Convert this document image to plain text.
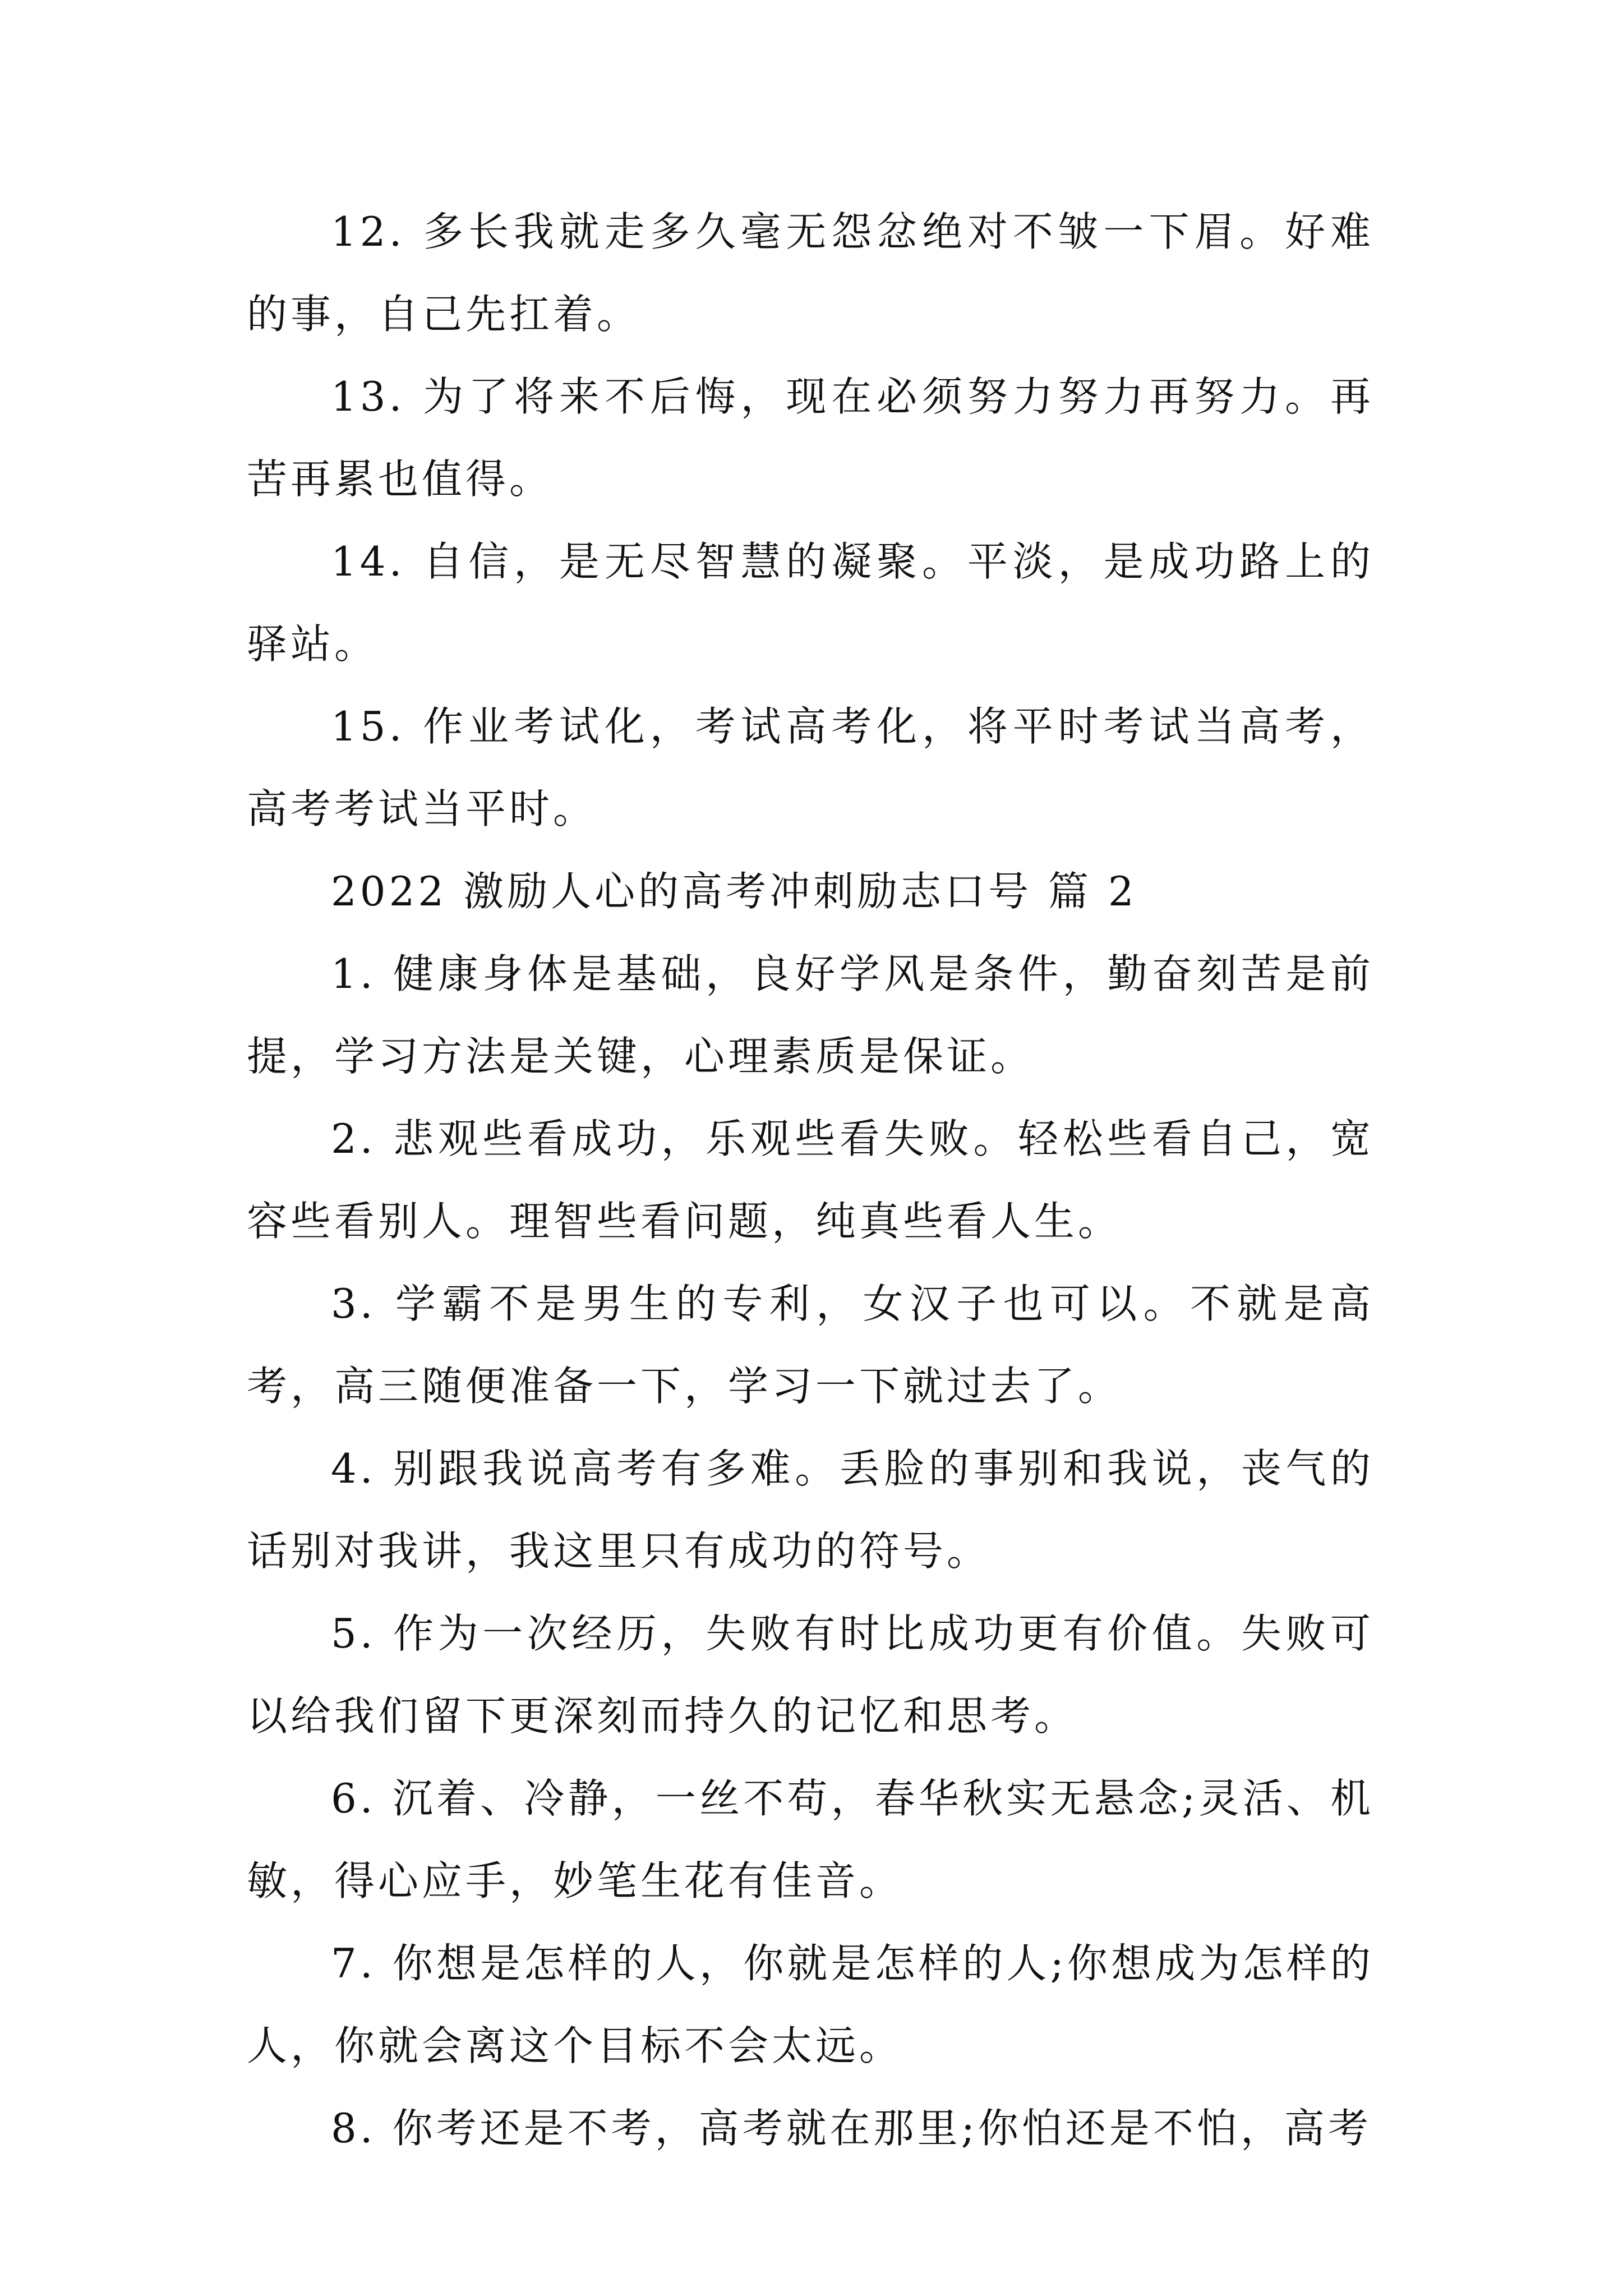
12. 多长我就走多久毫无怨忿绝对不皱一下眉。好难的事，自己先扛着。

13. 为了将来不后悔，现在必须努力努力再努力。再苦再累也值得。

14. 自信，是无尽智慧的凝聚。平淡，是成功路上的驿站。

15. 作业考试化，考试高考化，将平时考试当高考，高考考试当平时。

2022 激励人心的高考冲刺励志口号 篇 2

1. 健康身体是基础，良好学风是条件，勤奋刻苦是前提，学习方法是关键，心理素质是保证。

2. 悲观些看成功，乐观些看失败。轻松些看自己，宽容些看别人。理智些看问题，纯真些看人生。

3. 学霸不是男生的专利，女汉子也可以。不就是高考，高三随便准备一下，学习一下就过去了。

4. 别跟我说高考有多难。丢脸的事别和我说，丧气的话别对我讲，我这里只有成功的符号。

5. 作为一次经历，失败有时比成功更有价值。失败可以给我们留下更深刻而持久的记忆和思考。

6. 沉着、冷静，一丝不苟，春华秋实无悬念;灵活、机敏，得心应手，妙笔生花有佳音。

7. 你想是怎样的人，你就是怎样的人;你想成为怎样的人，你就会离这个目标不会太远。

8. 你考还是不考，高考就在那里;你怕还是不怕，高考
